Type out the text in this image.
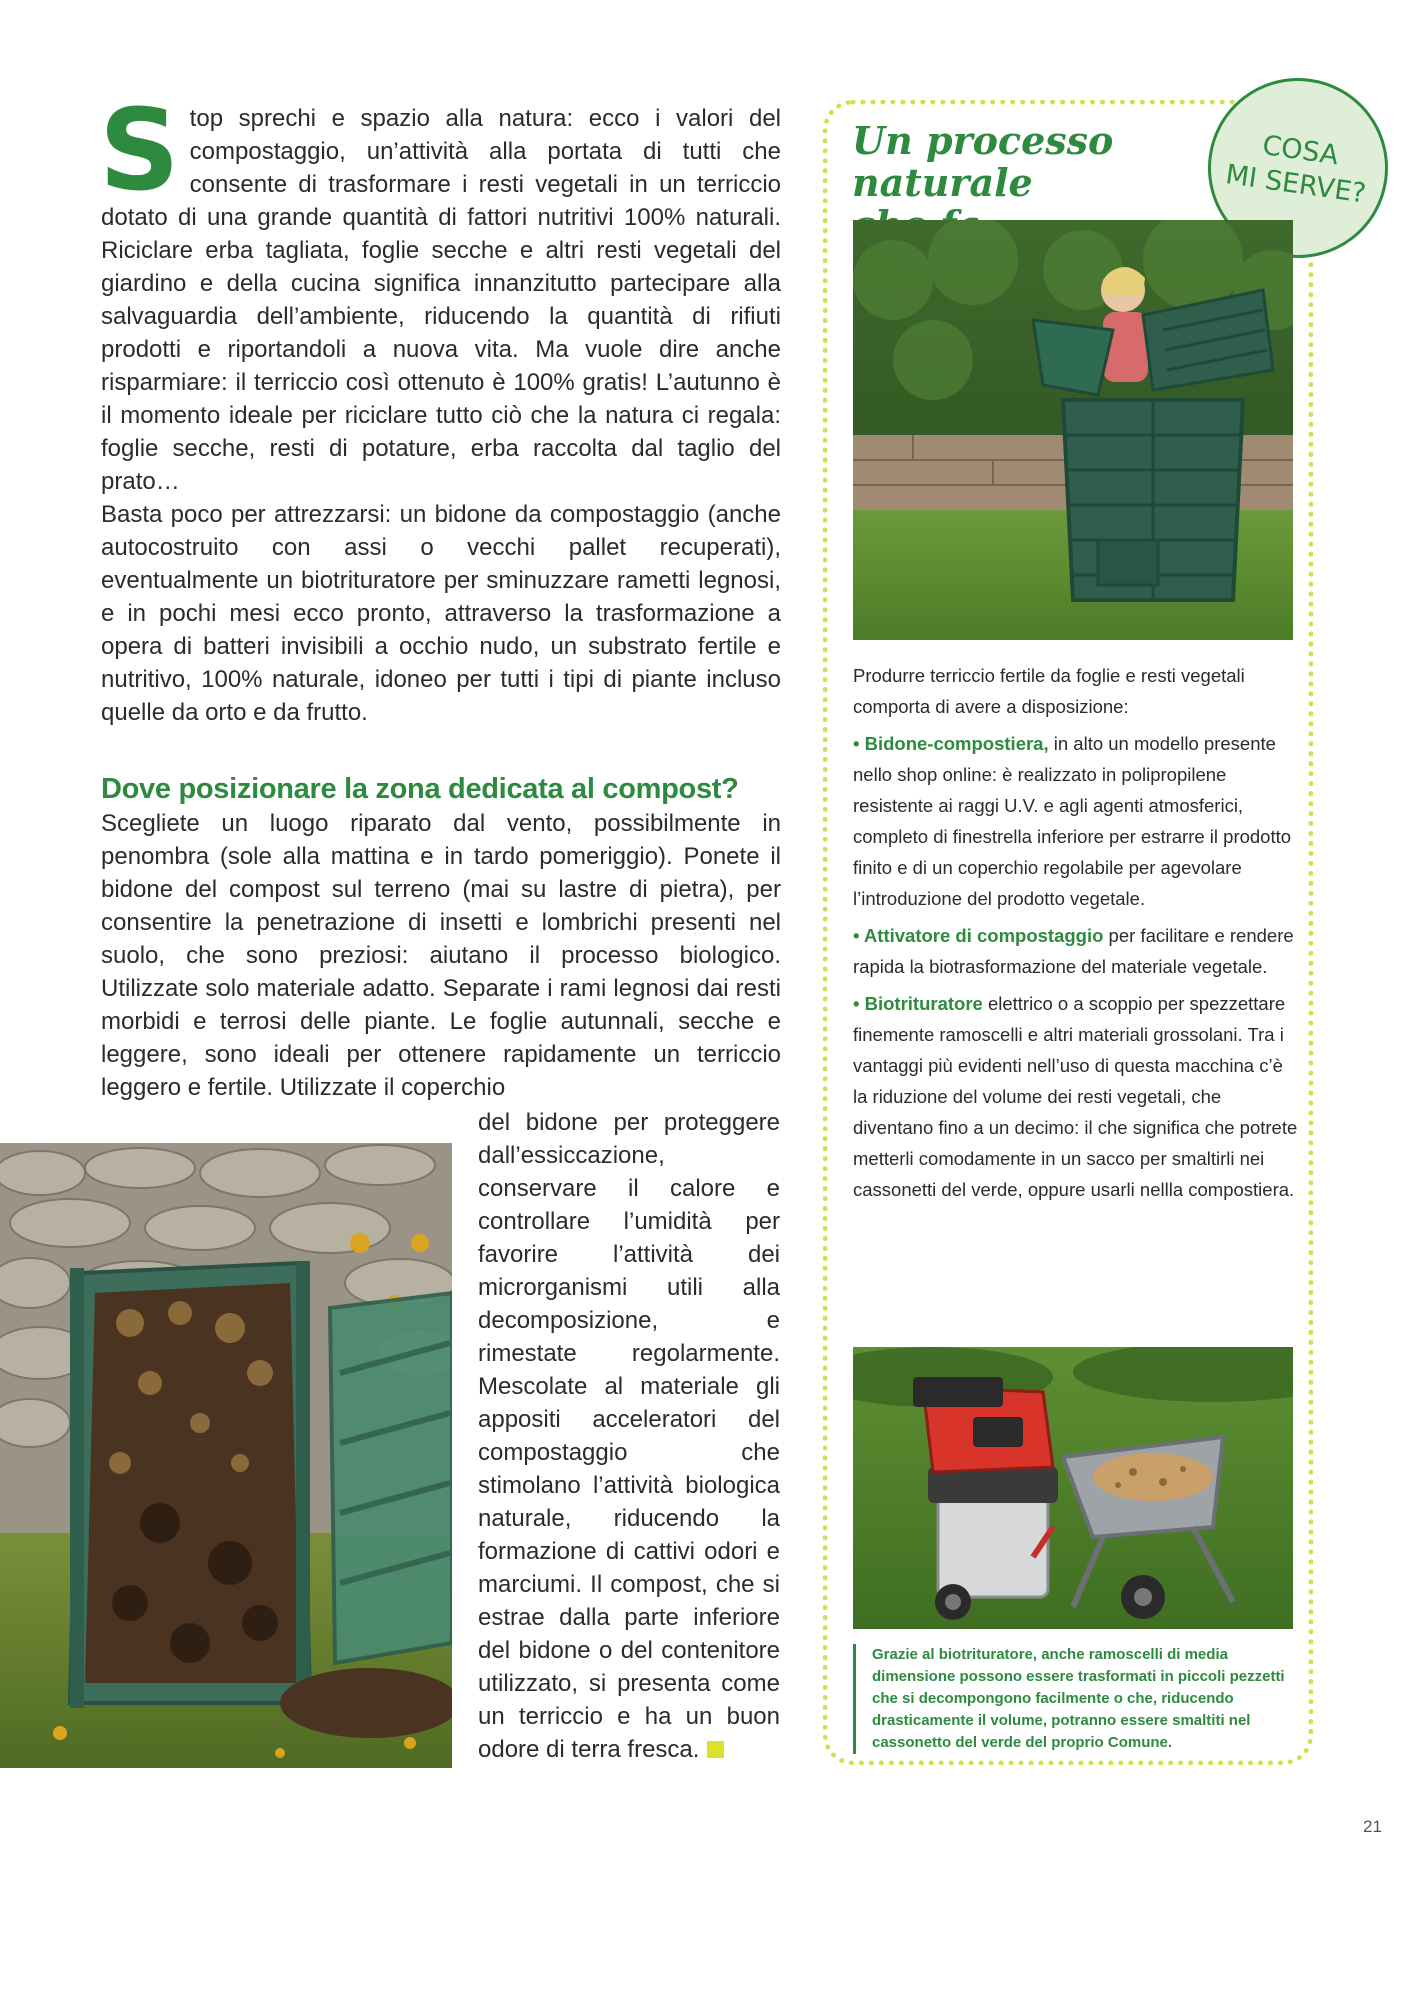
Stop sprechi e spazio alla natura: ecco i valori del compostaggio, un’attività alla portata di tutti che consente di trasformare i resti vegetali in un terriccio dotato di una grande quantità di fattori nutritivi 100% naturali. Riciclare erba tagliata, foglie secche e altri resti vegetali del giardino e della cucina significa innanzitutto partecipare alla salvaguardia dell’ambiente, riducendo la quantità di rifiuti prodotti e riportandoli a nuova vita. Ma vuole dire anche risparmiare: il terriccio così ottenuto è 100% gratis! L’autunno è il momento ideale per riciclare tutto ciò che la natura ci regala: foglie secche, resti di potature, erba raccolta dal taglio del prato…

Basta poco per attrezzarsi: un bidone da compostaggio (anche autocostruito con assi o vecchi pallet recuperati), eventualmente un biotrituratore per sminuzzare rametti legnosi, e in pochi mesi ecco pronto, attraverso la trasformazione a opera di batteri invisibili a occhio nudo, un substrato fertile e nutritivo, 100% naturale, idoneo per tutti i tipi di piante incluso quelle da orto e da frutto.

Dove posizionare la zona dedicata al compost?

Scegliete un luogo riparato dal vento, possibilmente in penombra (sole alla mattina e in tardo pomeriggio). Ponete il bidone del compost sul terreno (mai su lastre di pietra), per consentire la penetrazione di insetti e lombrichi presenti nel suolo, che sono preziosi: aiutano il processo biologico. Utilizzate solo materiale adatto. Separate i rami legnosi dai resti morbidi e terrosi delle piante. Le foglie autunnali, secche e leggere, sono ideali per ottenere rapidamente un terriccio leggero e fertile. Utilizzate il coperchio

del bidone per proteggere dall’essiccazione, conservare il calore e controllare l’umidità per favorire l’attività dei microrganismi utili alla decomposizione, e rimestate regolarmente. Mescolate al materiale gli appositi acceleratori del compostaggio che stimolano l’attività biologica naturale, riducendo la formazione di cattivi odori e marciumi. Il compost, che si estrae dalla parte inferiore del bidone o del contenitore utilizzato, si presenta come un terriccio e ha un buon odore di terra fresca.

Un processo naturale

COSA
MI SERVE?

Produrre terriccio fertile da foglie e resti vegetali comporta di avere a disposizione:

• Bidone-compostiera, in alto un modello presente nello shop online: è realizzato in polipropilene resistente ai raggi U.V. e agli agenti atmosferici, completo di finestrella inferiore per estrarre il prodotto finito e di un coperchio regolabile per agevolare l’introduzione del prodotto vegetale.

• Attivatore di compostaggio per facilitare e rendere rapida la biotrasformazione del materiale vegetale.

• Biotrituratore elettrico o a scoppio per spezzettare finemente ramoscelli e altri materiali grossolani. Tra i vantaggi più evidenti nell’uso di questa macchina c’è la riduzione del volume dei resti vegetali, che diventano fino a un decimo: il che significa che potrete metterli comodamente in un sacco per smaltirli nei cassonetti del verde, oppure usarli nellla compostiera.

Grazie al biotrituratore, anche ramoscelli di media dimensione possono essere trasformati in piccoli pezzetti che si decompongono facilmente o che, riducendo drasticamente il volume, potranno essere smaltiti nel cassonetto del verde del proprio Comune.
21
